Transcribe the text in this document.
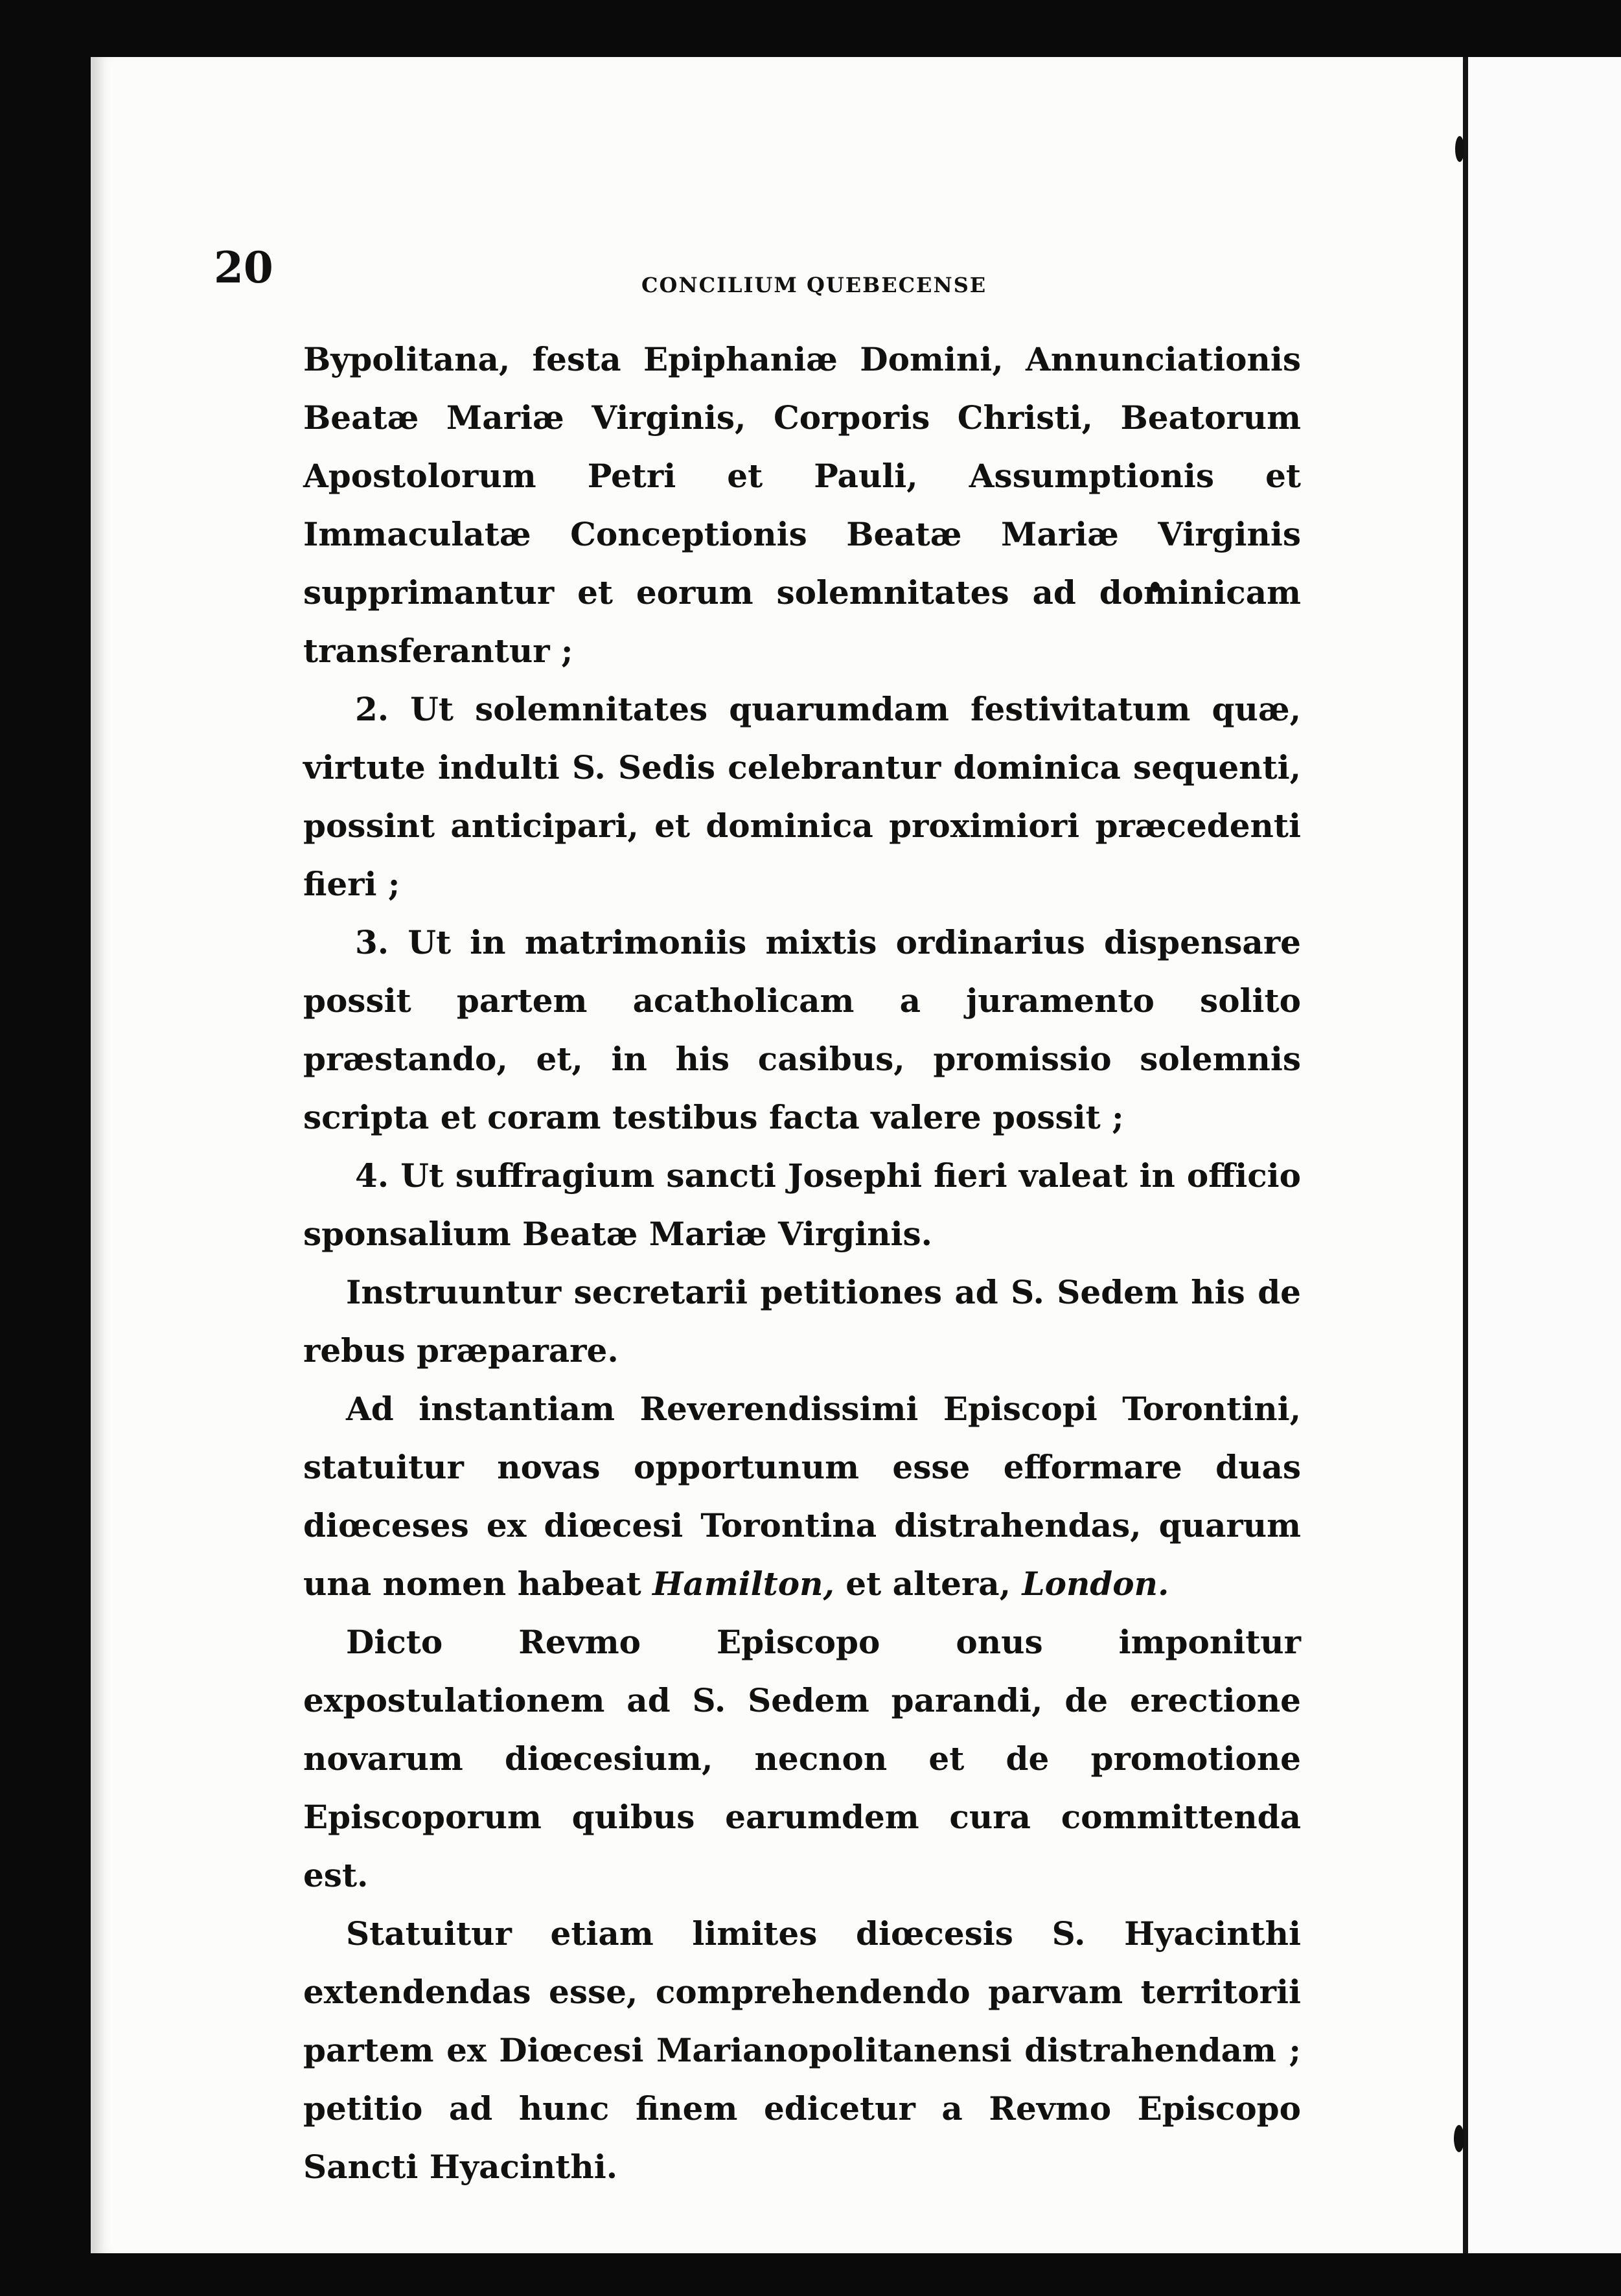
20	CONCILIUM QUEBECENSE

Bypolitana, festa Epiphaniæ Domini, Annunciationis Beatæ Mariæ Virginis, Corporis Christi, Beatorum Apostolorum Petri et Pauli, Assumptionis et Immaculatæ Conceptionis Beatæ Mariæ Virginis supprimantur et eorum solemnitates ad dominicam transferantur ;

2. Ut solemnitates quarumdam festivitatum quæ, virtute indulti S. Sedis celebrantur dominica sequenti, possint anticipari, et dominica proximiori præcedenti fieri ;

3. Ut in matrimoniis mixtis ordinarius dispensare possit partem acatholicam a juramento solito præstando, et, in his casibus, promissio solemnis scripta et coram testibus facta valere possit ;

4. Ut suffragium sancti Josephi fieri valeat in officio sponsalium Beatæ Mariæ Virginis.

Instruuntur secretarii petitiones ad S. Sedem his de rebus præparare.

Ad instantiam Reverendissimi Episcopi Torontini, statuitur novas opportunum esse efformare duas diœceses ex diœcesi Torontina distrahendas, quarum una nomen habeat Hamilton, et altera, London.

Dicto Revmo Episcopo onus imponitur expostulationem ad S. Sedem parandi, de erectione novarum diœcesium, necnon et de promotione Episcoporum quibus earumdem cura committenda est.

Statuitur etiam limites diœcesis S. Hyacinthi extendendas esse, comprehendendo parvam territorii partem ex Diœcesi Marianopolitanensi distrahendam ; petitio ad hunc finem edicetur a Revmo Episcopo Sancti Hyacinthi.
